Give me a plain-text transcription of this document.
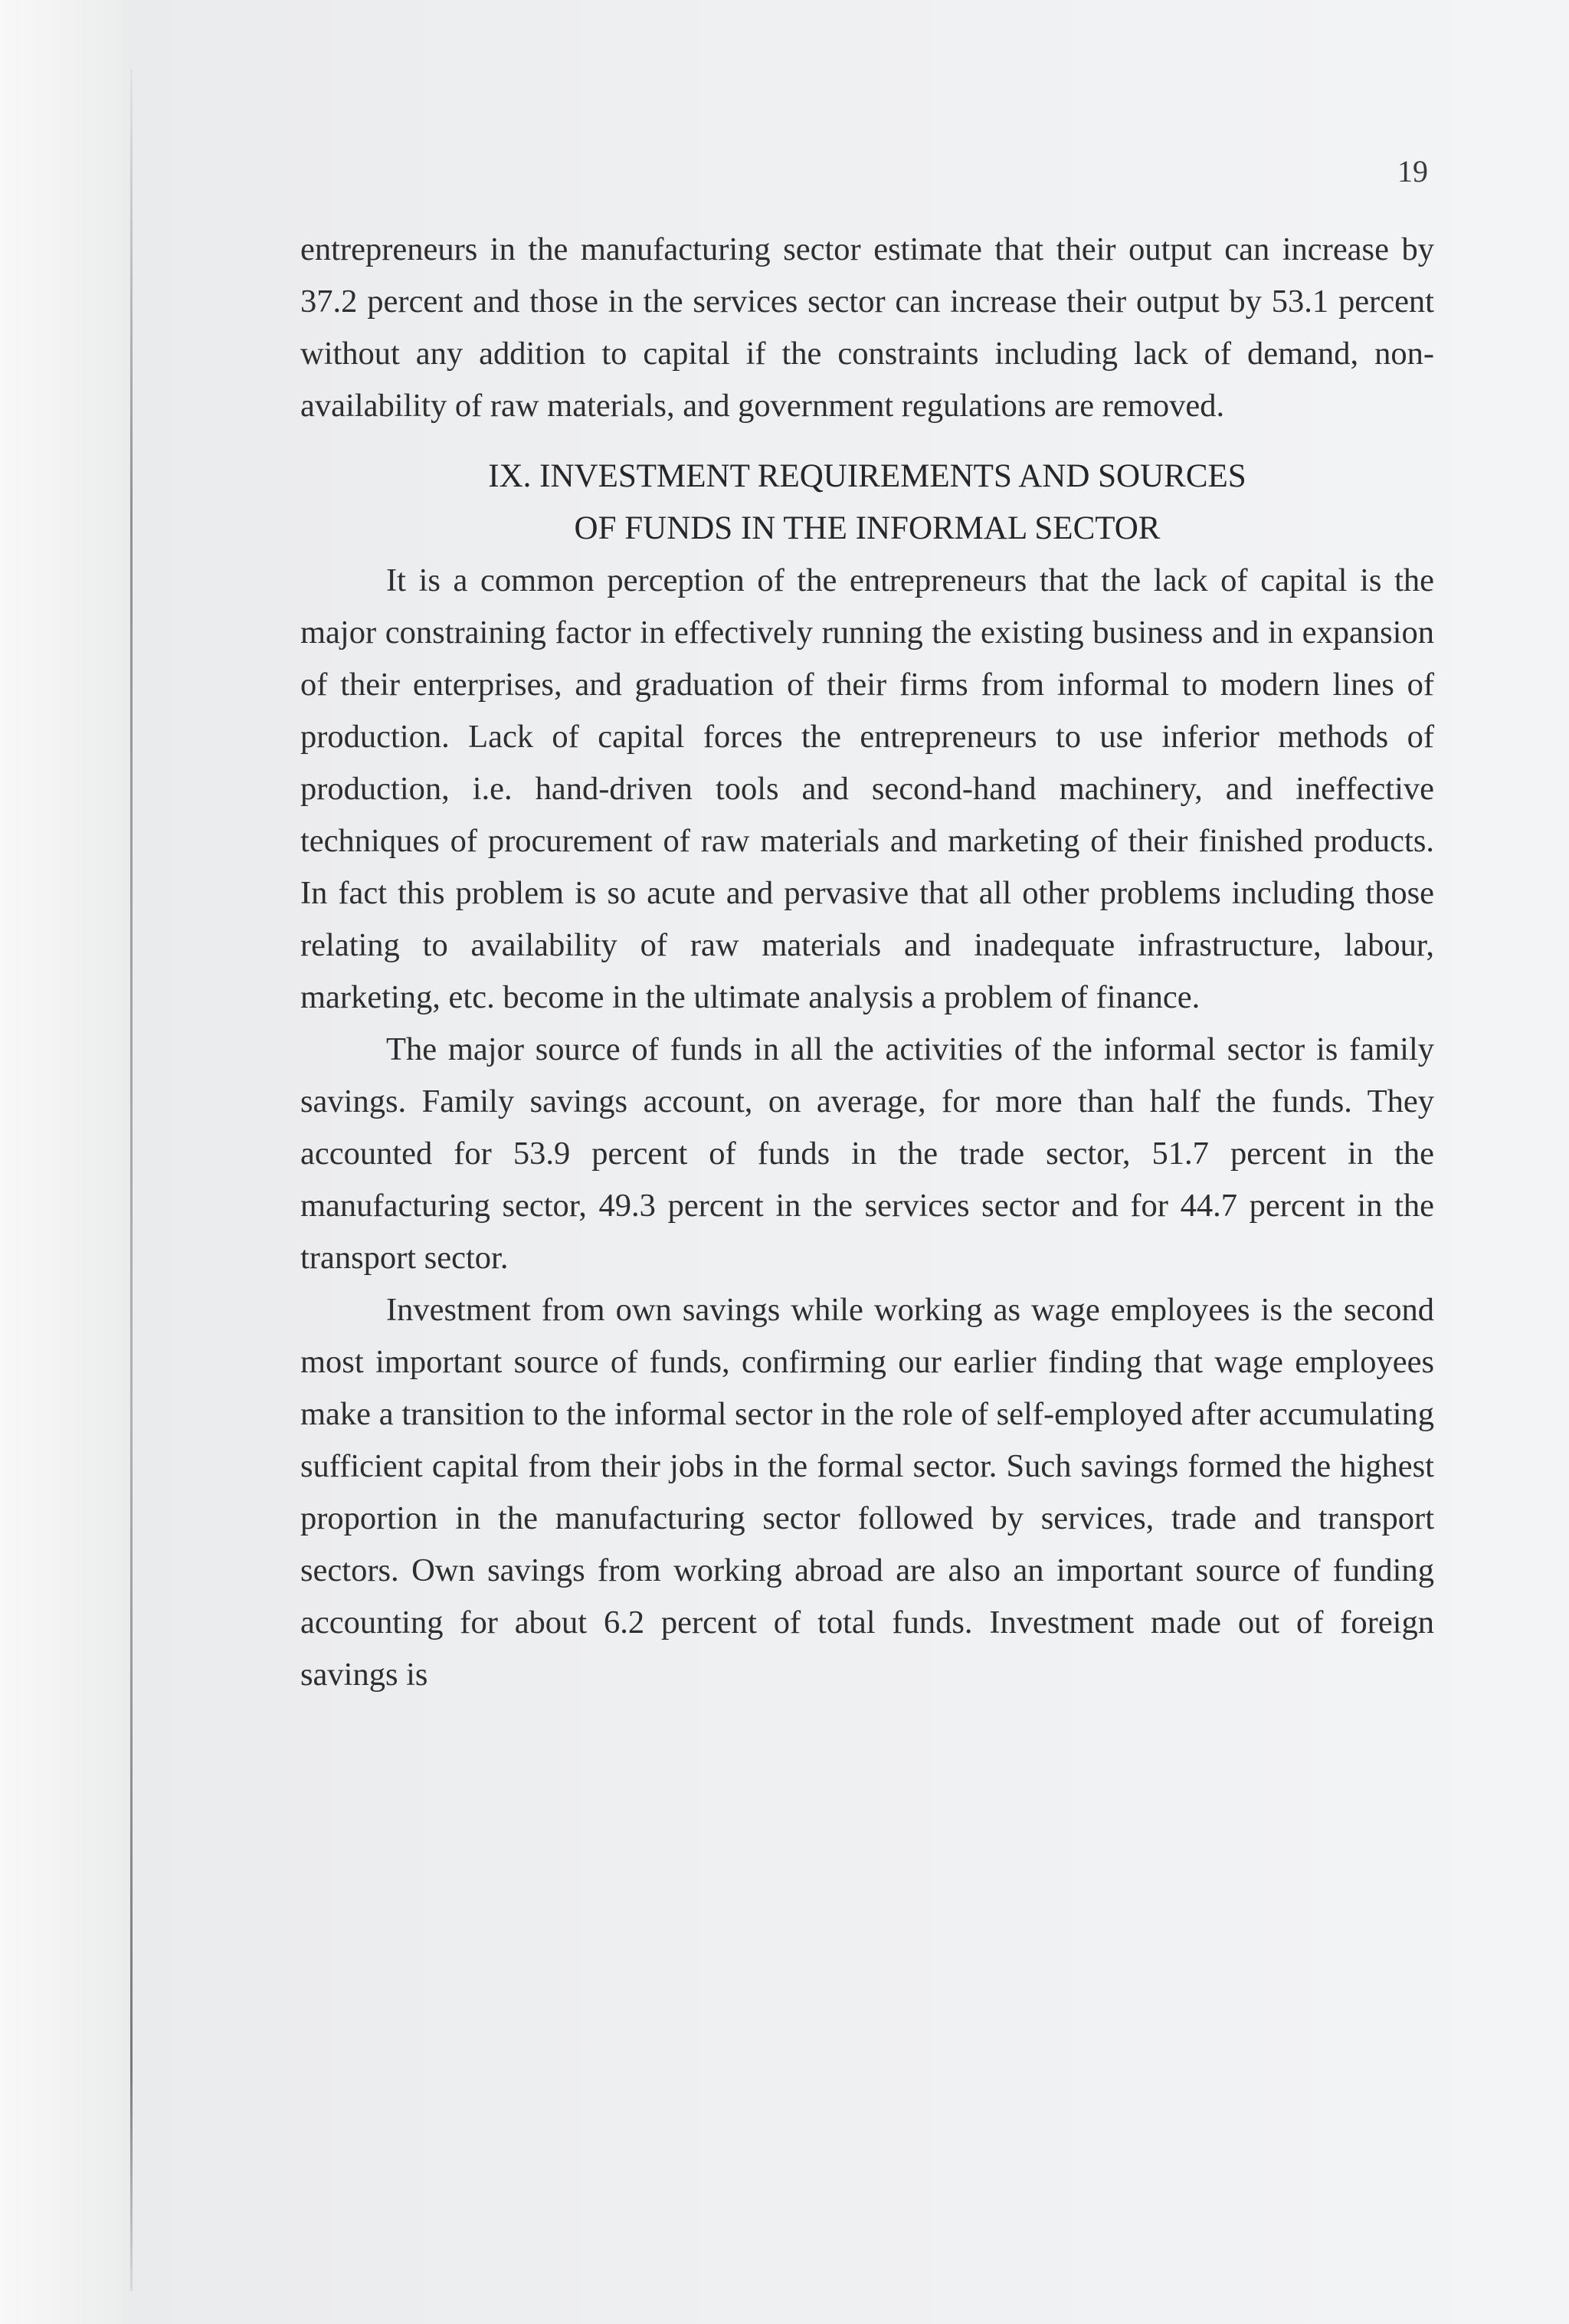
19

entrepreneurs in the manufacturing sector estimate that their output can increase by 37.2 percent and those in the services sector can increase their output by 53.1 percent without any addition to capital if the constraints including lack of demand, non-availability of raw materials, and government regulations are removed.

IX. INVESTMENT REQUIREMENTS AND SOURCES
OF FUNDS IN THE INFORMAL SECTOR

It is a common perception of the entrepreneurs that the lack of capital is the major constraining factor in effectively running the existing business and in expansion of their enterprises, and graduation of their firms from informal to modern lines of production. Lack of capital forces the entrepreneurs to use inferior methods of production, i.e. hand-driven tools and second-hand machinery, and ineffective techniques of procurement of raw materials and marketing of their finished products. In fact this problem is so acute and pervasive that all other problems including those relating to availability of raw materials and inadequate infrastructure, labour, marketing, etc. become in the ultimate analysis a problem of finance.

The major source of funds in all the activities of the informal sector is family savings. Family savings account, on average, for more than half the funds. They accounted for 53.9 percent of funds in the trade sector, 51.7 percent in the manufacturing sector, 49.3 percent in the services sector and for 44.7 percent in the transport sector.

Investment from own savings while working as wage employees is the second most important source of funds, confirming our earlier finding that wage employees make a transition to the informal sector in the role of self-employed after accumulating sufficient capital from their jobs in the formal sector. Such savings formed the highest proportion in the manufacturing sector followed by services, trade and transport sectors. Own savings from working abroad are also an important source of funding accounting for about 6.2 percent of total funds. Investment made out of foreign savings is
